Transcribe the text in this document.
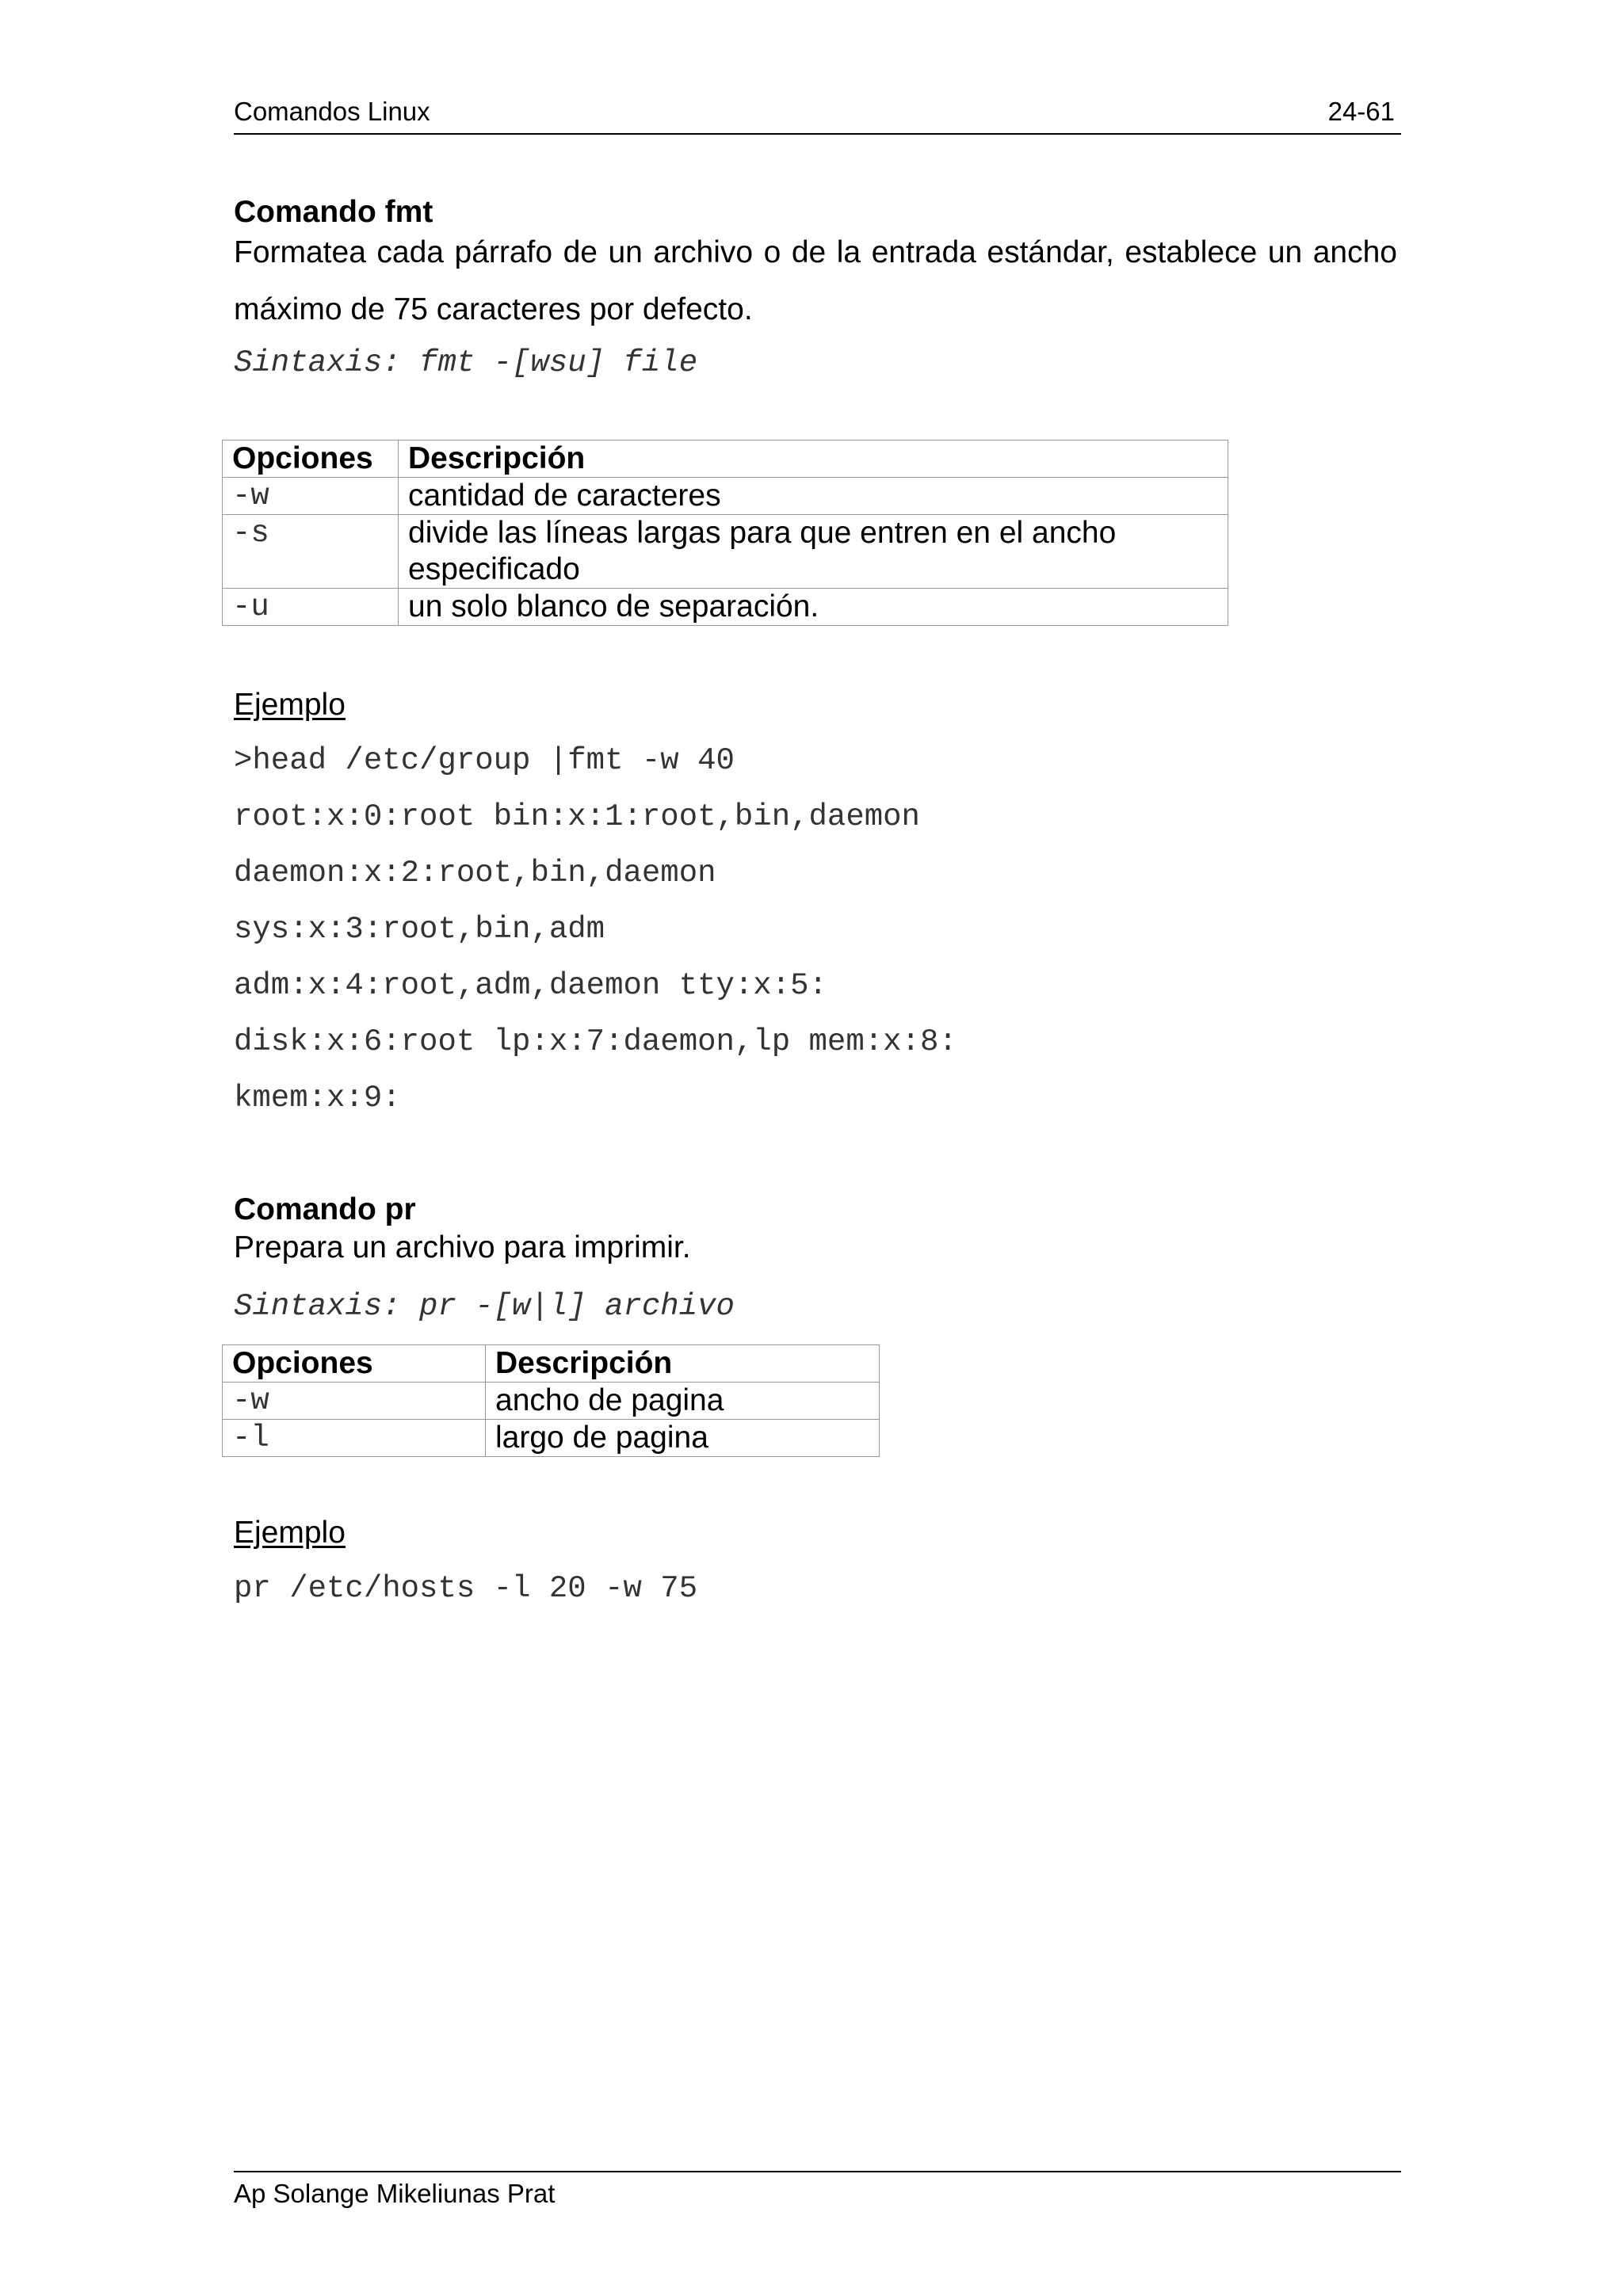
Comandos Linux	24-61
Comando fmt
Formatea cada párrafo de un archivo o de la entrada estándar, establece un ancho máximo de 75 caracteres por defecto.
Sintaxis: fmt -[wsu] file
Opciones	Descripción
-w	cantidad de caracteres
-s	divide las líneas largas para que entren en el ancho especificado
-u	un solo blanco de separación.
Ejemplo
>head /etc/group |fmt -w 40
root:x:0:root bin:x:1:root,bin,daemon
daemon:x:2:root,bin,daemon
sys:x:3:root,bin,adm
adm:x:4:root,adm,daemon tty:x:5:
disk:x:6:root lp:x:7:daemon,lp mem:x:8:
kmem:x:9:
Comando pr
Prepara un archivo para imprimir.
Sintaxis: pr -[w|l] archivo
Opciones	Descripción
-w	ancho de pagina
-l	largo de pagina
Ejemplo
pr /etc/hosts -l 20 -w 75
Ap Solange Mikeliunas Prat
